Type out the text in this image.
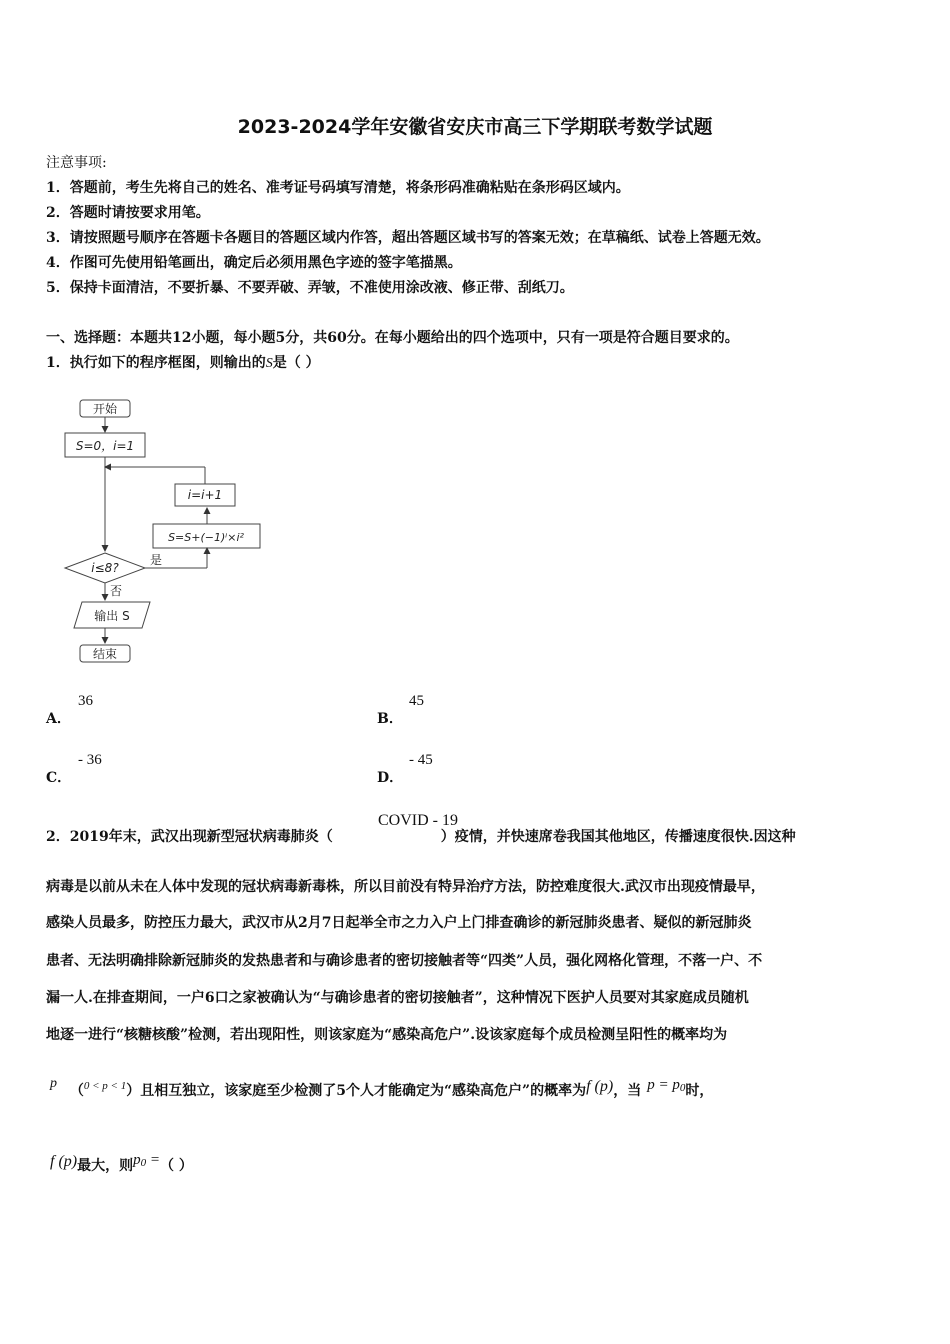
2023-2024学年安徽省安庆市高三下学期联考数学试题
注意事项:
1．答题前，考生先将自己的姓名、准考证号码填写清楚，将条形码准确粘贴在条形码区域内。
2．答题时请按要求用笔。
3．请按照题号顺序在答题卡各题目的答题区域内作答，超出答题区域书写的答案无效；在草稿纸、试卷上答题无效。
4．作图可先使用铅笔画出，确定后必须用黑色字迹的签字笔描黑。
5．保持卡面清洁，不要折暴、不要弄破、弄皱，不准使用涂改液、修正带、刮纸刀。
一、选择题：本题共12小题，每小题5分，共60分。在每小题给出的四个选项中，只有一项是符合题目要求的。
1．执行如下的程序框图，则输出的S是（ ）
开始
S=0，i=1
i=i+1
S=S+(−1)ⁱ×i²
i≤8?
是
否
输出 S
结束
A．
36
B．
45
C．
- 36
D．
- 45
2．2019年末，武汉出现新型冠状病毒肺炎（	）疫情，并快速席卷我国其他地区，传播速度很快.因这种
COVID - 19
病毒是以前从未在人体中发现的冠状病毒新毒株，所以目前没有特异治疗方法，防控难度很大.武汉市出现疫情最早，
感染人员最多，防控压力最大，武汉市从2月7日起举全市之力入户上门排查确诊的新冠肺炎患者、疑似的新冠肺炎
患者、无法明确排除新冠肺炎的发热患者和与确诊患者的密切接触者等“四类”人员，强化网格化管理，不落一户、不
漏一人.在排查期间，一户6口之家被确认为“与确诊患者的密切接触者”，这种情况下医护人员要对其家庭成员随机
地逐一进行“核糖核酸”检测，若出现阳性，则该家庭为“感染高危户”.设该家庭每个成员检测呈阳性的概率均为
p （$^{0 < p < 1}$）且相互独立，该家庭至少检测了5个人才能确定为“感染高危户”的概率为f (p)，当 $p = p^0$时，
f (p)最大，则$p^0$ =（ ）
